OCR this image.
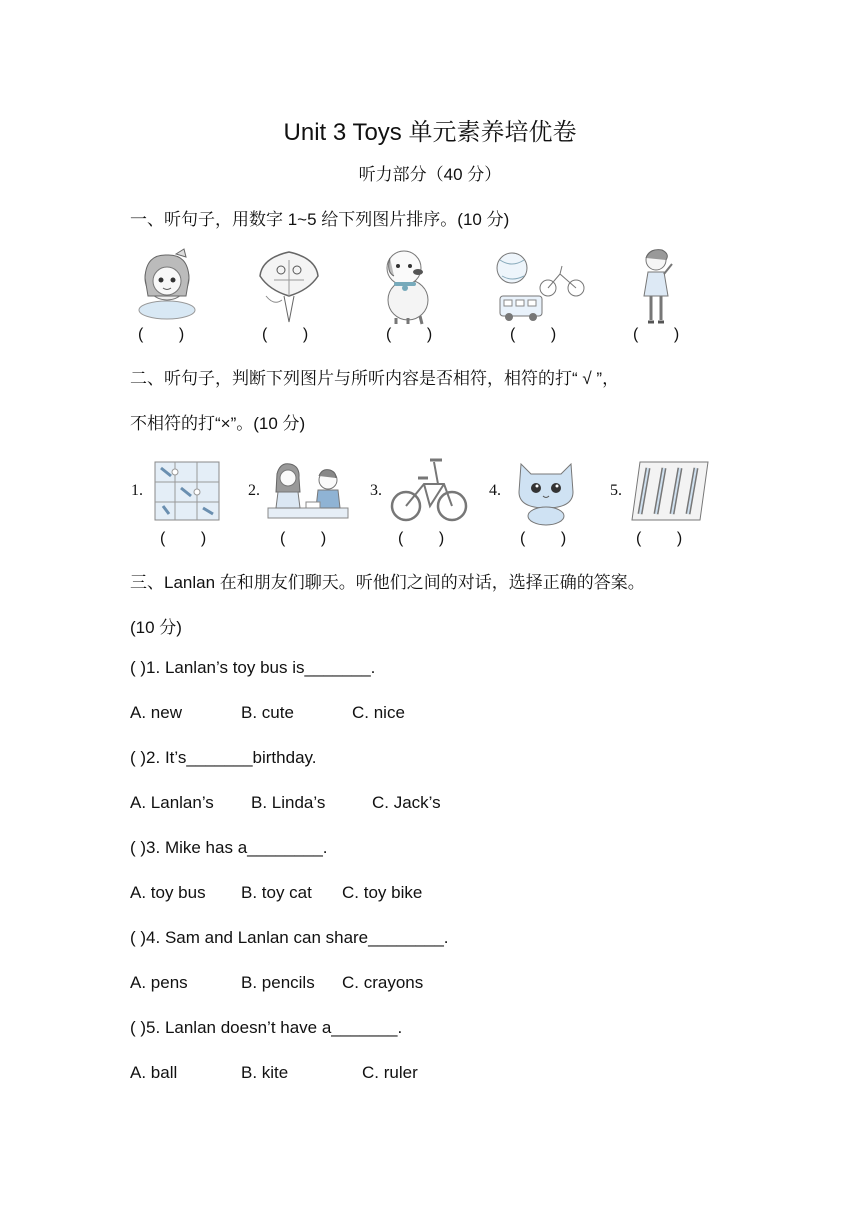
Unit 3 Toys 单元素养培优卷
听力部分（40 分）
一、听句子，用数字 1~5 给下列图片排序。(10 分)
(        )	(        )	(        )	(        )	(        )
二、听句子，判断下列图片与所听内容是否相符，相符的打“ √ ”，
不相符的打“×”。(10 分)
1.	2.	3.	4.	5.
(        )	(        )	(        )	(        )	(        )
三、Lanlan 在和朋友们聊天。听他们之间的对话，选择正确的答案。
(10 分)
( )1. Lanlan’s toy bus is_______.
A. new	B. cute	C. nice
( )2. It’s_______birthday.
A. Lanlan’s B. Linda’s	C. Jack’s
( )3. Mike has a________.
A. toy bus B. toy cat C. toy bike
( )4. Sam and Lanlan can share________.
A. pens	B. pencils C. crayons
( )5. Lanlan doesn’t have a_______.
A. ball	B. kite	C. ruler
